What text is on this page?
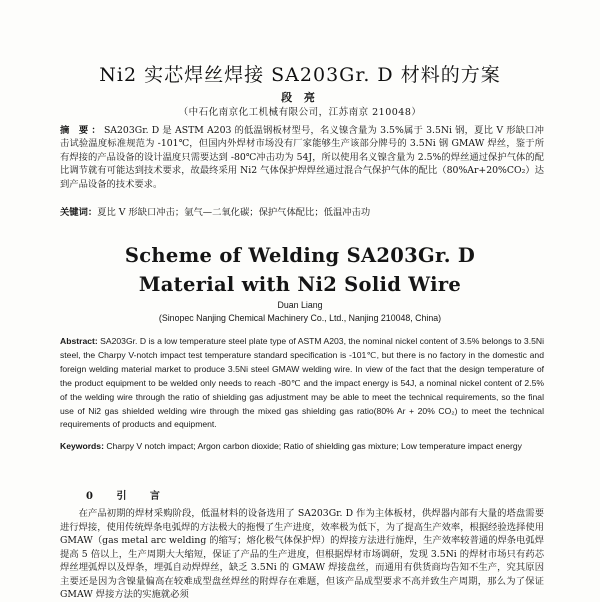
Ni2 实芯焊丝焊接 SA203Gr. D 材料的方案
段 亮
（中石化南京化工机械有限公司，江苏南京 210048）
摘 要：SA203Gr. D 是 ASTM A203 的低温钢板材型号，名义镍含量为 3.5%属于 3.5Ni 钢，夏比 V 形缺口冲击试验温度标准规范为 -101℃，但国内外焊材市场没有厂家能够生产该部分牌号的 3.5Ni 钢 GMAW 焊丝，鉴于所有焊接的产品设备的设计温度只需要达到 -80℃冲击功为 54J，所以使用名义镍含量为 2.5%的焊丝通过保护气体的配比调节就有可能达到技术要求，故最终采用 Ni2 气体保护焊焊丝通过混合气保护气体的配比（80%Ar+20%CO₂）达到产品设备的技术要求。
关键词：夏比 V 形缺口冲击；氩气—二氧化碳；保护气体配比；低温冲击功
Scheme of Welding SA203Gr. D
Material with Ni2 Solid Wire
Duan Liang
(Sinopec Nanjing Chemical Machinery Co., Ltd., Nanjing 210048, China)
Abstract: SA203Gr. D is a low temperature steel plate type of ASTM A203, the nominal nickel content of 3.5% belongs to 3.5Ni steel, the Charpy V-notch impact test temperature standard specification is -101℃, but there is no factory in the domestic and foreign welding material market to produce 3.5Ni steel GMAW welding wire. In view of the fact that the design temperature of the product equipment to be welded only needs to reach -80℃ and the impact energy is 54J, a nominal nickel content of 2.5% of the welding wire through the ratio of shielding gas adjustment may be able to meet the technical requirements, so the final use of Ni2 gas shielded welding wire through the mixed gas shielding gas ratio(80% Ar + 20% CO₂) to meet the technical requirements of products and equipment.
Keywords: Charpy V notch impact; Argon carbon dioxide; Ratio of shielding gas mixture; Low temperature impact energy
0 引 言
在产品初期的焊材采购阶段，低温材料的设备选用了 SA203Gr. D 作为主体板材，供焊器内部有大量的塔盘需要进行焊接，使用传统焊条电弧焊的方法极大的拖慢了生产进度，效率极为低下，为了提高生产效率，根据经验选择使用 GMAW（gas metal arc welding 的缩写；熔化极气体保护焊）的焊接方法进行施焊，生产效率较普通的焊条电弧焊提高 5 倍以上，生产周期大大缩短，保证了产品的生产进度，但根据焊材市场调研，发现 3.5Ni 的焊材市场只有药芯焊丝埋弧焊以及焊条，埋弧自动焊焊丝，缺乏 3.5Ni 的 GMAW 焊接盘丝，而通用有供货商均告知不生产，究其原因主要还是因为含镍量偏高在较难成型盘丝焊丝的附焊存在难题，但该产品成型要求不高并致生产周期，那么为了保证 GMAW 焊接方法的实施就必须
